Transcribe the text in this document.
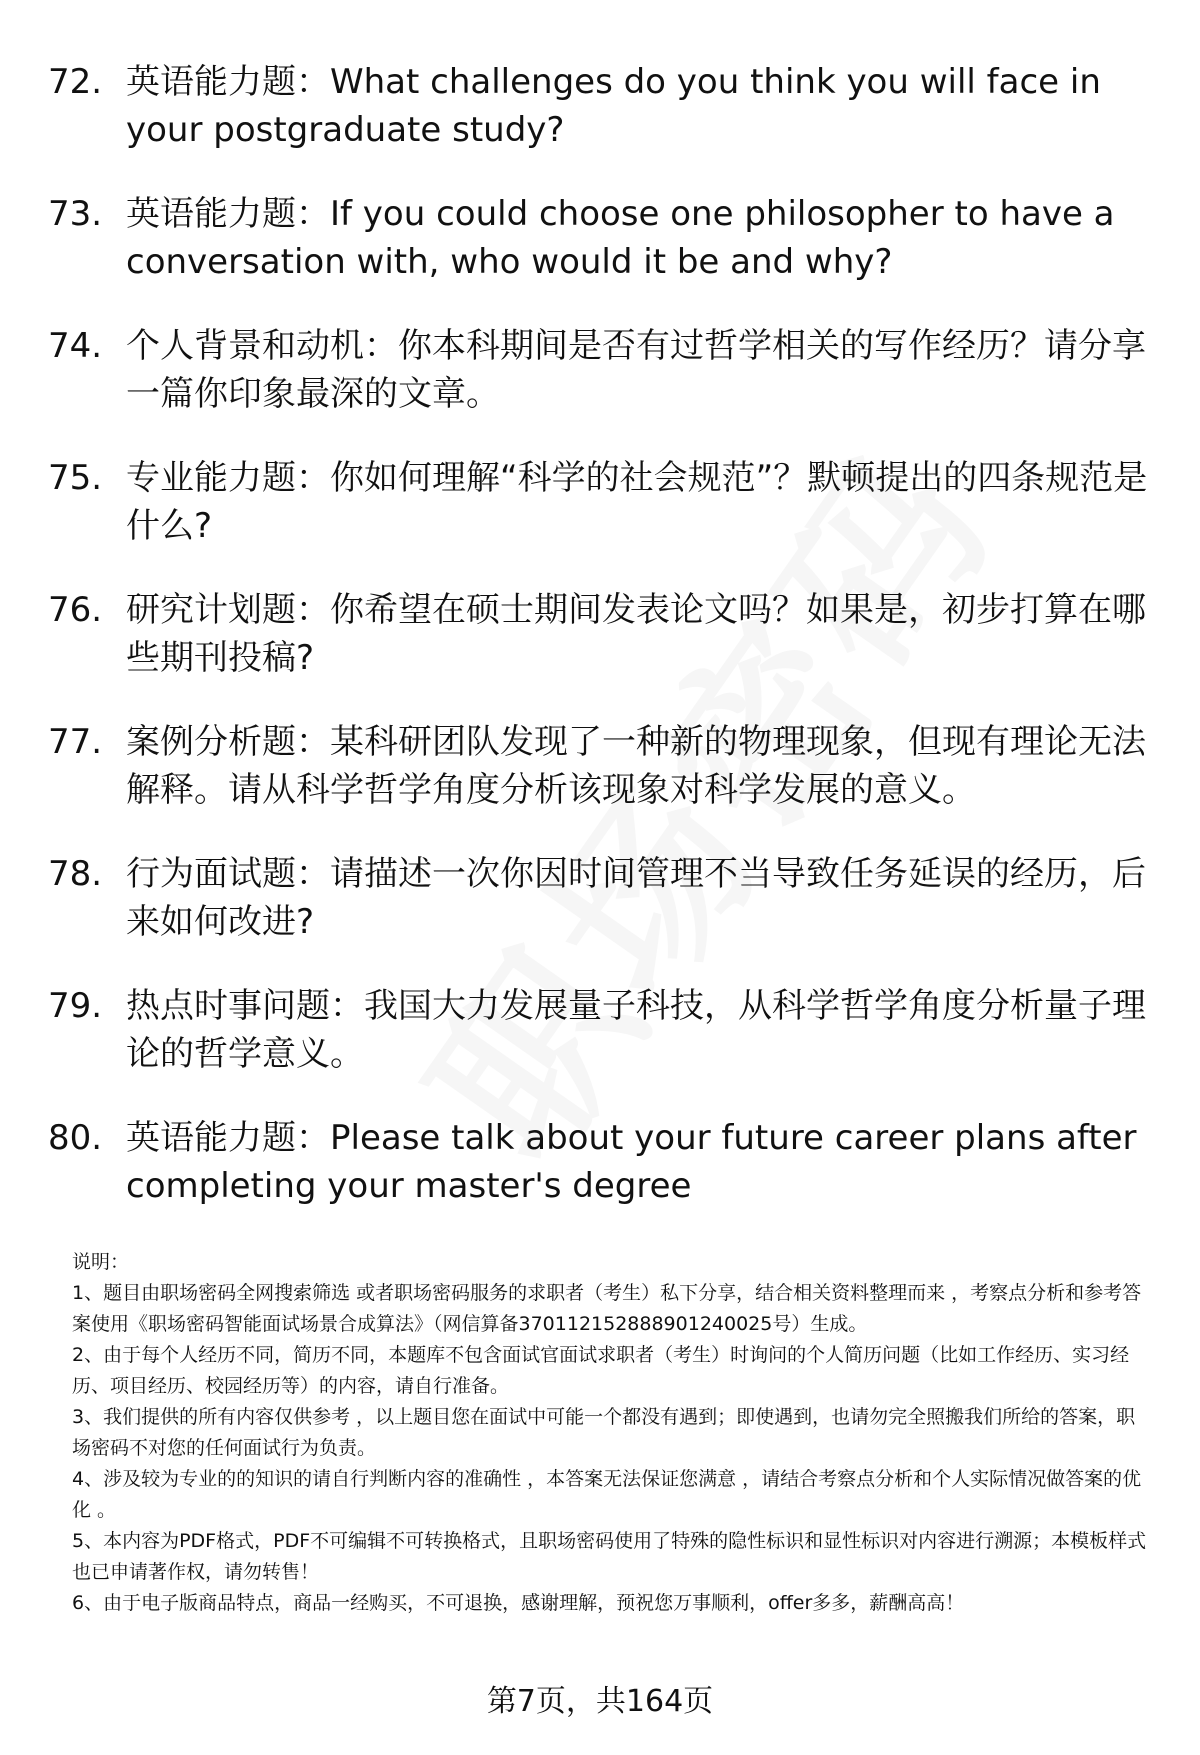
72. 英语能力题：What challenges do you think you will face in your postgraduate study?
73. 英语能力题：If you could choose one philosopher to have a conversation with, who would it be and why?
74. 个人背景和动机：你本科期间是否有过哲学相关的写作经历？请分享一篇你印象最深的文章。
75. 专业能力题：你如何理解“科学的社会规范”？默顿提出的四条规范是什么?
76. 研究计划题：你希望在硕士期间发表论文吗？如果是，初步打算在哪些期刊投稿?
77. 案例分析题：某科研团队发现了一种新的物理现象，但现有理论无法解释。请从科学哲学角度分析该现象对科学发展的意义。
78. 行为面试题：请描述一次你因时间管理不当导致任务延误的经历，后来如何改进?
79. 热点时事问题：我国大力发展量子科技，从科学哲学角度分析量子理论的哲学意义。
80. 英语能力题：Please talk about your future career plans after completing your master's degree
说明：
1、题目由职场密码全网搜索筛选 或者职场密码服务的求职者（考生）私下分享，结合相关资料整理而来 ，考察点分析和参考答案使用《职场密码智能面试场景合成算法》（网信算备370112152888901240025号）生成。
2、由于每个人经历不同，简历不同，本题库不包含面试官面试求职者（考生）时询问的个人简历问题（比如工作经历、实习经历、项目经历、校园经历等）的内容，请自行准备。
3、我们提供的所有内容仅供参考 ，以上题目您在面试中可能一个都没有遇到；即使遇到，也请勿完全照搬我们所给的答案，职场密码不对您的任何面试行为负责。
4、涉及较为专业的的知识的请自行判断内容的准确性 ，本答案无法保证您满意 ，请结合考察点分析和个人实际情况做答案的优化 。
5、本内容为PDF格式，PDF不可编辑不可转换格式，且职场密码使用了特殊的隐性标识和显性标识对内容进行溯源；本模板样式也已申请著作权，请勿转售！
6、由于电子版商品特点，商品一经购买，不可退换，感谢理解，预祝您万事顺利，offer多多，薪酬高高！
第7页，共164页
